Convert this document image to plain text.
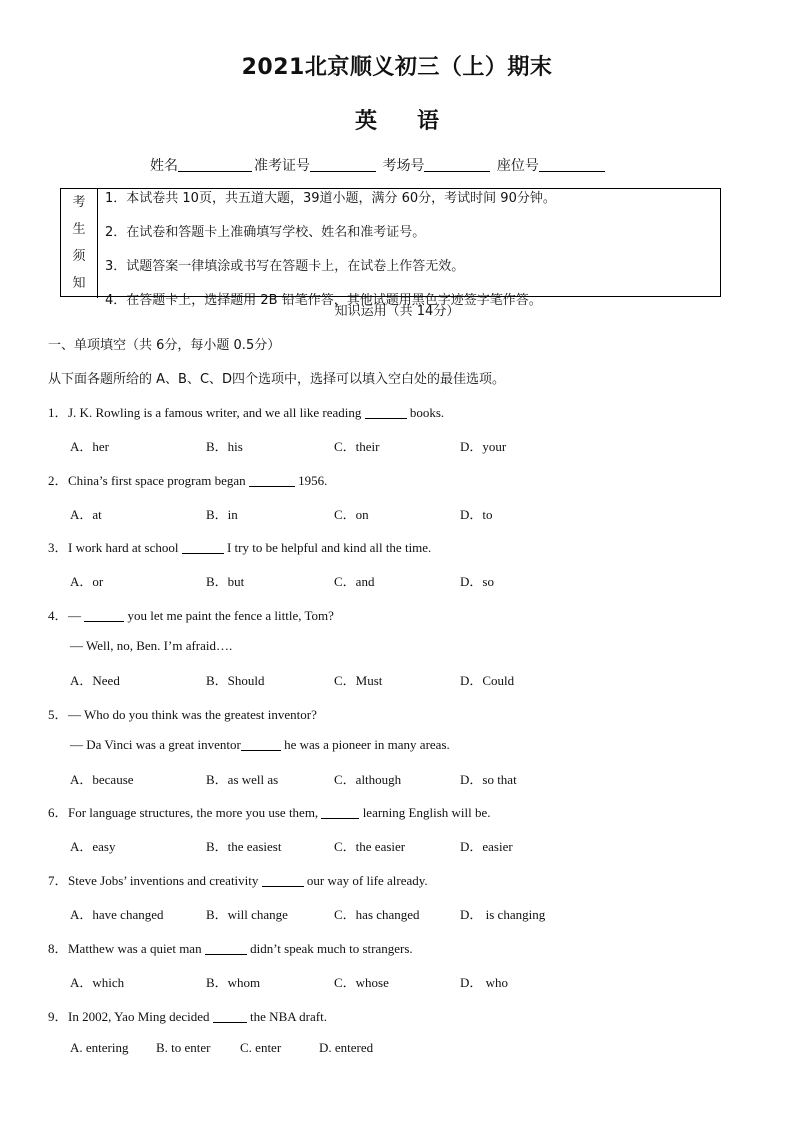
2021北京顺义初三（上）期末
英 语
姓名	准考证号	考场号	座位号
考
生
须
知
1．本试卷共 10页，共五道大题，39道小题，满分 60分，考试时间 90分钟。
2．在试卷和答题卡上准确填写学校、姓名和准考证号。
3．试题答案一律填涂或书写在答题卡上，在试卷上作答无效。
4．在答题卡上，选择题用 2B 铅笔作答，其他试题用黑色字迹签字笔作答。
知识运用（共 14分）
一、单项填空（共 6分，每小题 0.5分）
从下面各题所给的 A、B、C、D四个选项中，选择可以填入空白处的最佳选项。
1．J. K. Rowling is a famous writer, and we all like reading	books.
A．her	B．his	C．their	D．your
2．China’s first space program began	1956.
A．at	B．in	C．on	D．to
3．I work hard at school	I try to be helpful and kind all the time.
A．or	B．but	C．and	D．so
4．—	you let me paint the fence a little, Tom?
— Well, no, Ben. I’m afraid….
A．Need	B．Should	C．Must	D．Could
5．— Who do you think was the greatest inventor?
— Da Vinci was a great inventor	he was a pioneer in many areas.
A．because	B．as well as	C．although	D．so that
6．For language structures, the more you use them,	learning English will be.
A．easy	B．the easiest	C．the easier	D．easier
7．Steve Jobs’ inventions and creativity	our way of life already.
A．have changed	B．will change	C．has changed	D． is changing
8．Matthew was a quiet man	didn’t speak much to strangers.
A．which	B．whom	C．whose	D． who
9．In 2002, Yao Ming decided	the NBA draft.
A. entering B. to enter C. enter	D. entered
